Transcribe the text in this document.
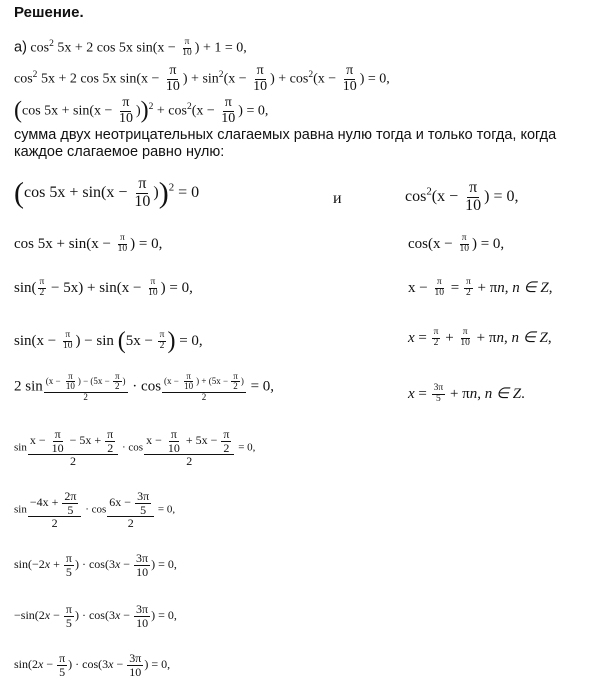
Решение.
а) $\cos^2 5x + 2$ cos 5x $\sin(x - \frac{\pi}{10}$ ) + 1 = 0,
$\cos^2 5x + 2$ cos 5x $\sin(x - \frac{\pi}{10}$ ) + $\sin^2(x - \frac{\pi}{10}$ ) + $\cos^2(x - \frac{\pi}{10}$ ) = 0,
(cos $5x + \sin(x - \frac{\pi}{10} ))^2 + \cos^2(x - \frac{\pi}{10}$ ) = 0,
сумма двух неотрицательных слагаемых равна нулю тогда и только тогда, когда каждое слагаемое равно нулю:
(cos $5x + \sin(x - \frac{\pi}{10} ))^2 = 0$	и	$\cos^2(x - \frac{\pi}{10}$ ) = 0,
$\cos 5x + \sin(x - \frac{\pi}{10}$ ) = 0,	$\cos(x - \frac{\pi}{10}$ ) = 0,
$\sin( \frac{\pi}{2} - 5x) + \sin(x - \frac{\pi}{10}$ ) = 0,	$x - \frac{\pi}{10} = \frac{\pi}{2} + \pi n$, n ∈ Z,
$\sin(x - \frac{\pi}{10}$ ) − $\sin (5x - \frac{\pi}{2}$ ) = 0,	$x = \frac{\pi}{2} + \frac{\pi}{10} + \pi n$, n ∈ Z,
2 $\sin \frac{(x - \frac{\pi}{10} ) - (5x - \frac{\pi}{2} )}{2} \cdot \cos \frac{(x - \frac{\pi}{10} ) + (5x - \frac{\pi}{2} )}{2} = 0$,	$x = \frac{3\pi}{5} + \pi n$, n ∈ Z.
$\sin \frac{x - \frac{\pi}{10} - 5x + \frac{\pi}{2}}{2} \cdot \cos \frac{x - \frac{\pi}{10} + 5x - \frac{\pi}{2}}{2} = 0$,
$\sin \frac{-4x + \frac{2\pi}{5}}{2} \cdot \cos \frac{6x - \frac{3\pi}{5}}{2} = 0$,
$\sin(-2x + \frac{\pi}{5}$ ) · $\cos(3x - \frac{3\pi}{10}$ ) = 0,
$-\sin(2x - \frac{\pi}{5}$ ) · $\cos(3x - \frac{3\pi}{10}$ ) = 0,
$\sin(2x - \frac{\pi}{5}$ ) · $\cos(3x - \frac{3\pi}{10}$ ) = 0,
